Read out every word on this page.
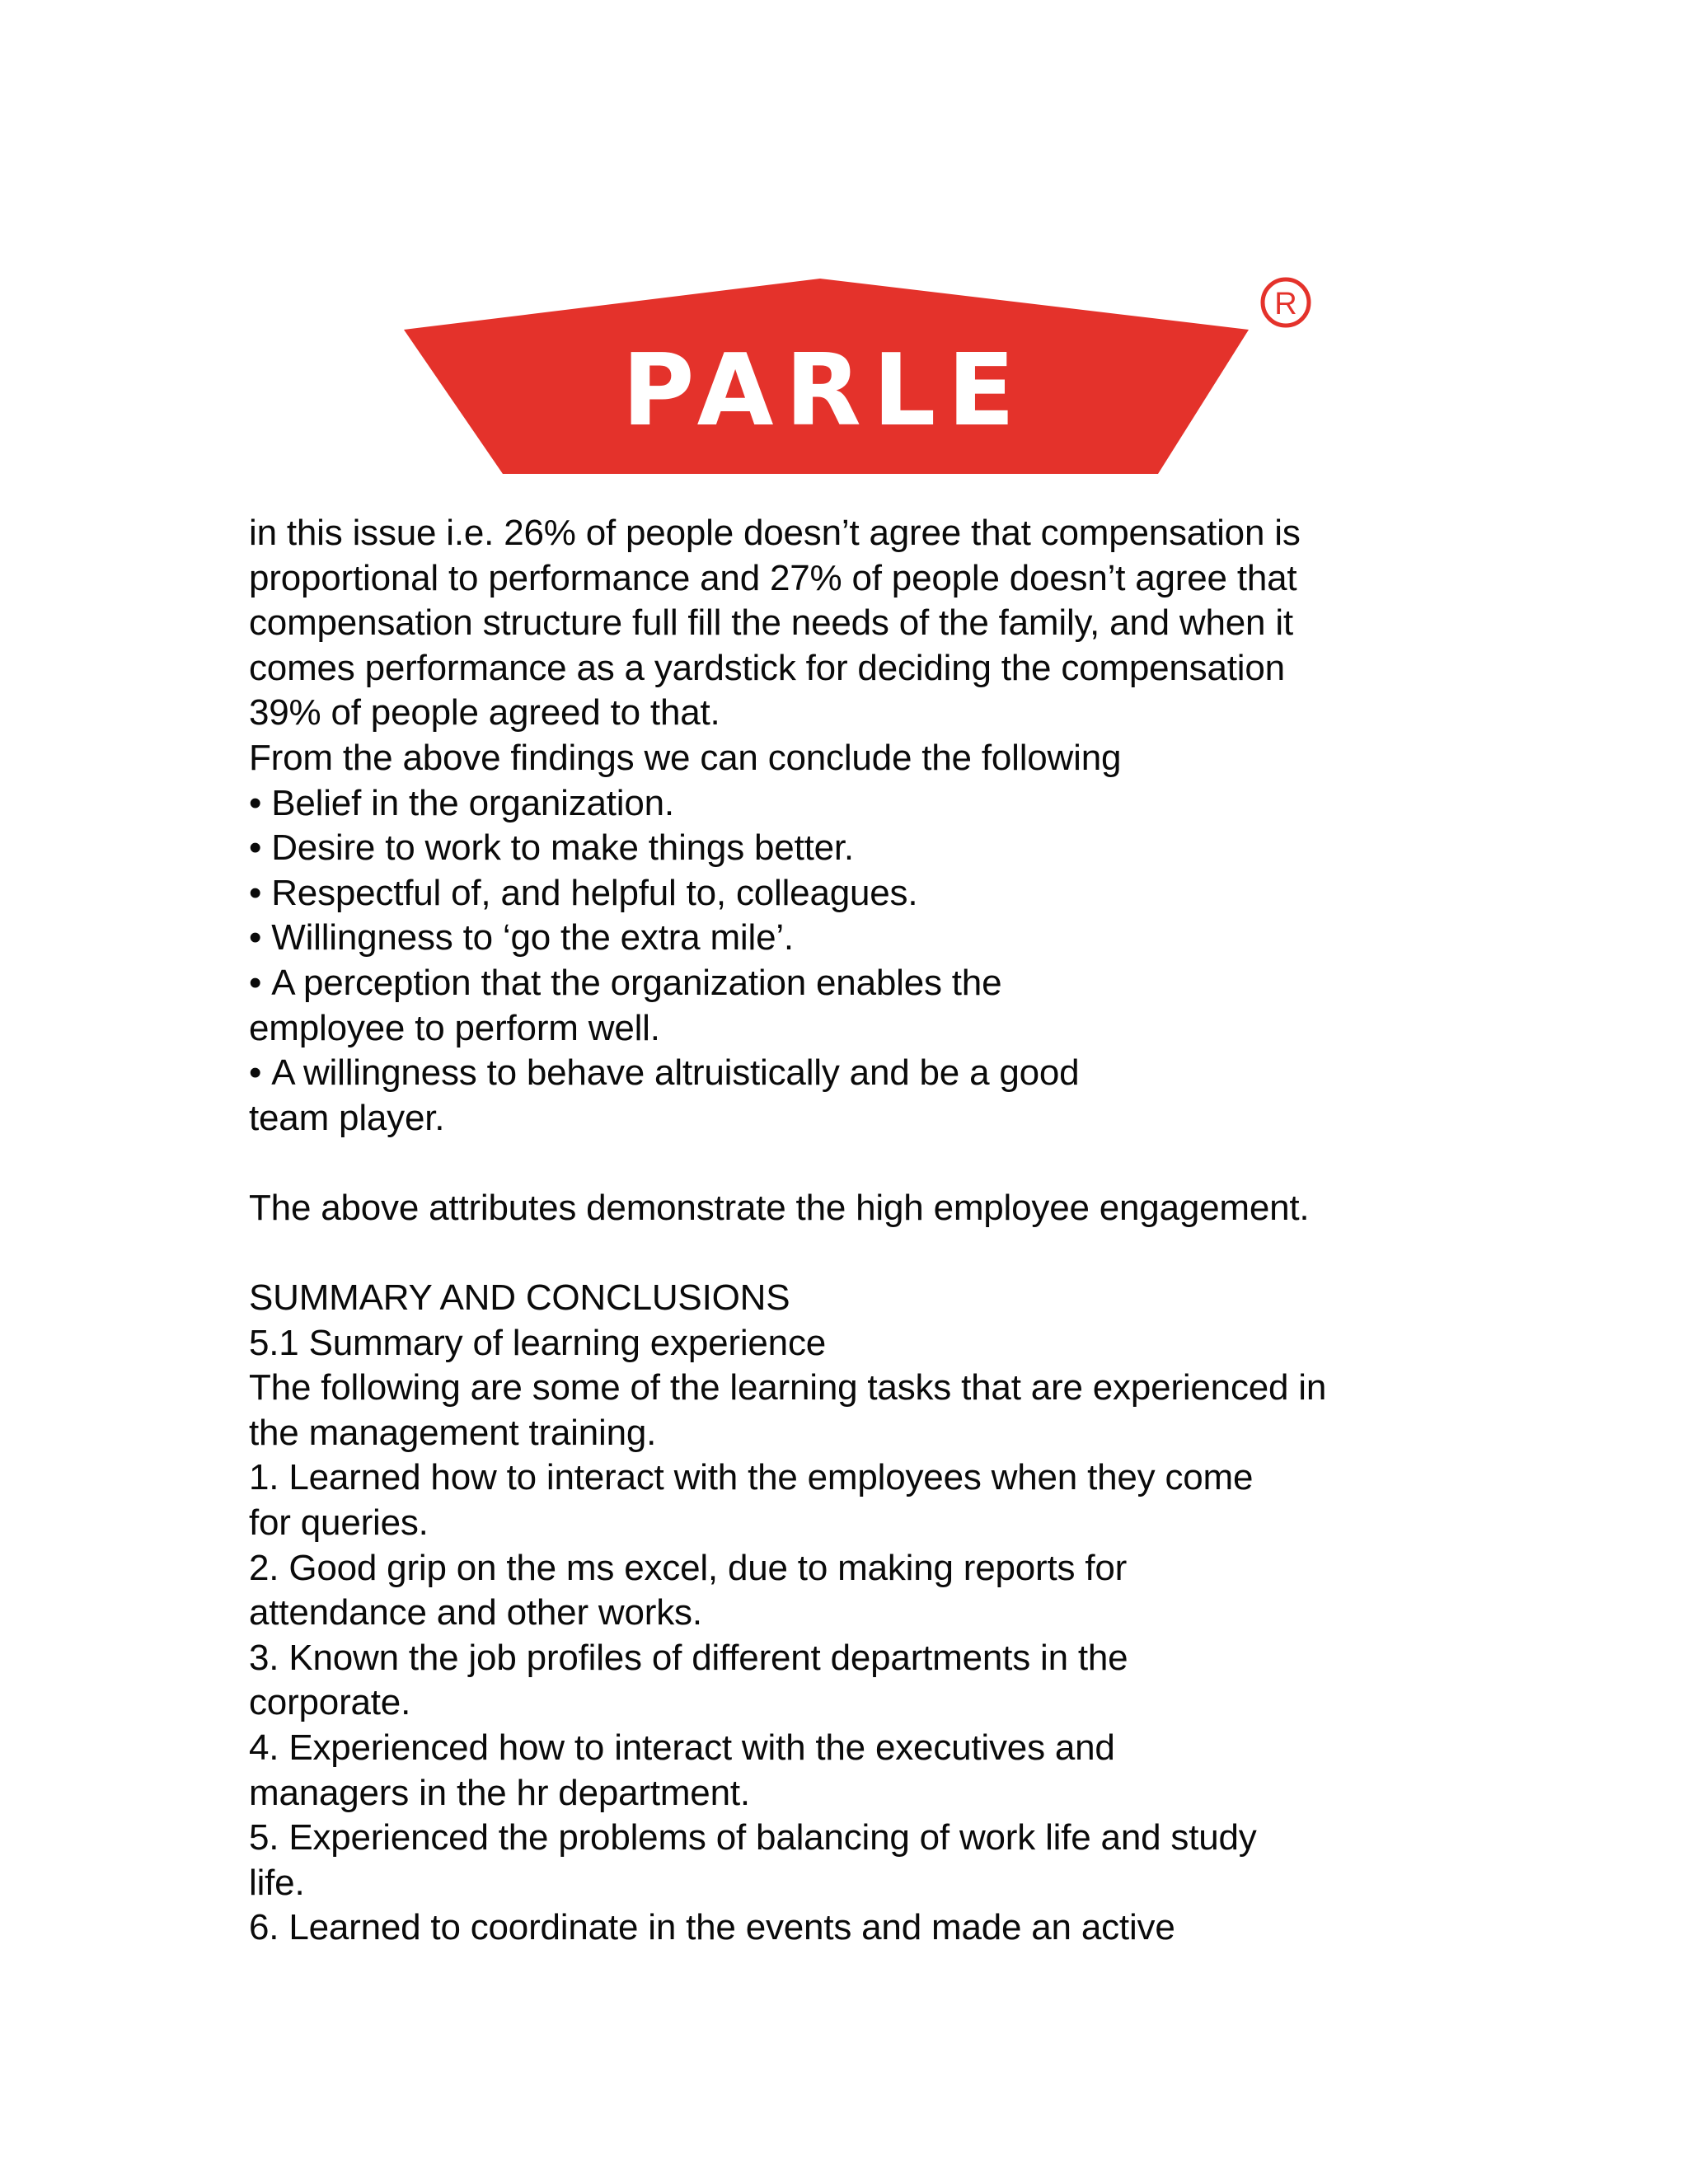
PARLE
R

in this issue i.e. 26% of people doesn’t agree that compensation is

proportional to performance and 27% of people doesn’t agree that

compensation structure full fill the needs of the family, and when it

comes performance as a yardstick for deciding the compensation

39% of people agreed to that.

From the above findings we can conclude the following

• Belief in the organization.

• Desire to work to make things better.

• Respectful of, and helpful to, colleagues.

• Willingness to ‘go the extra mile’.

• A perception that the organization enables the

employee to perform well.

• A willingness to behave altruistically and be a good

team player.

The above attributes demonstrate the high employee engagement.

SUMMARY AND CONCLUSIONS

5.1 Summary of learning experience

The following are some of the learning tasks that are experienced in

the management training.

1. Learned how to interact with the employees when they come

for queries.

2. Good grip on the ms excel, due to making reports for

attendance and other works.

3. Known the job profiles of different departments in the

corporate.

4. Experienced how to interact with the executives and

managers in the hr department.

5. Experienced the problems of balancing of work life and study

life.

6. Learned to coordinate in the events and made an active
